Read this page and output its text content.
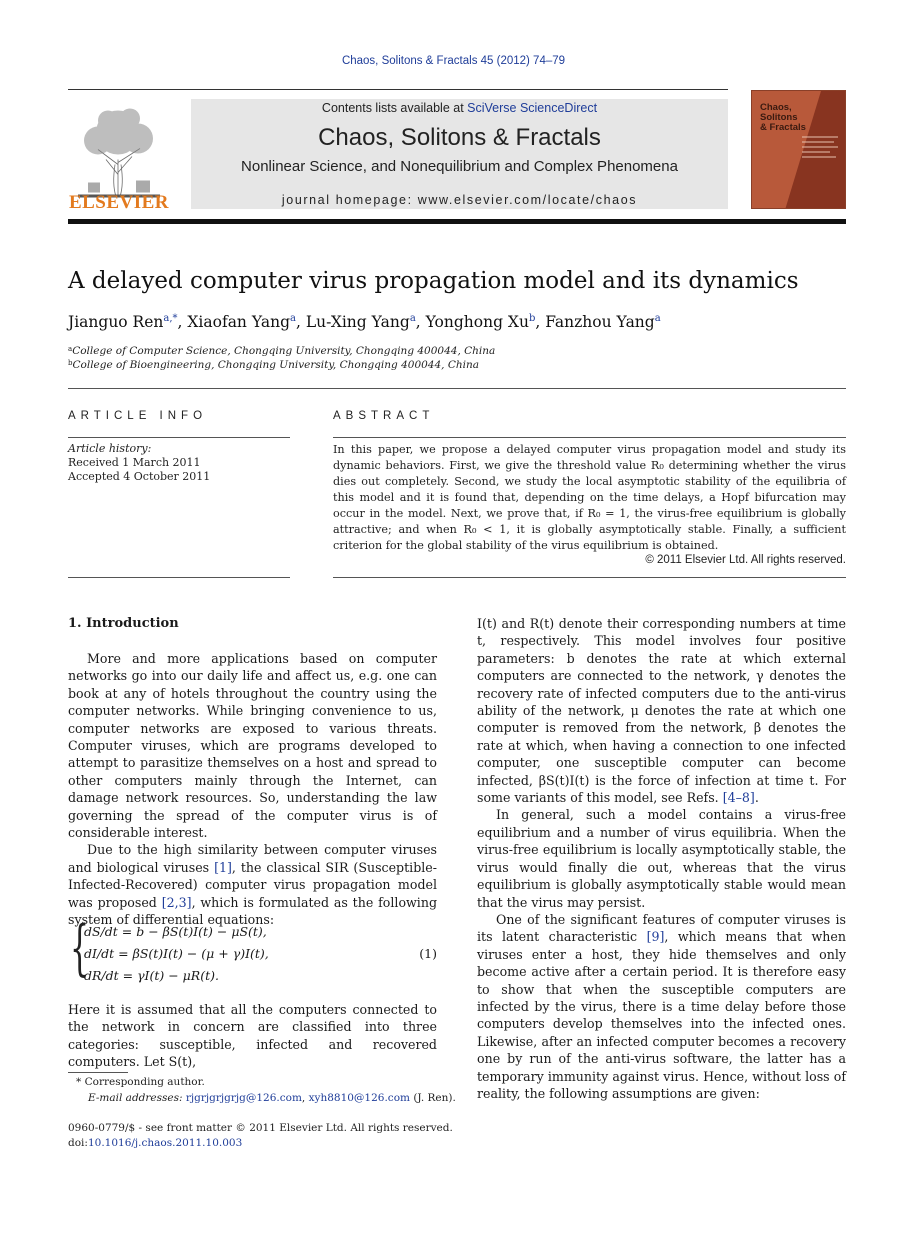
Chaos, Solitons & Fractals 45 (2012) 74–79
ELSEVIER
Contents lists available at SciVerse ScienceDirect
Chaos, Solitons & Fractals
Nonlinear Science, and Nonequilibrium and Complex Phenomena
journal homepage: www.elsevier.com/locate/chaos
Chaos,
Solitons
& Fractals
A delayed computer virus propagation model and its dynamics
Jianguo Ren$^{a,*}$, Xiaofan Yang$^a$, Lu-Xing Yang$^a$, Yonghong Xu$^b$, Fanzhou Yang$^a$
$^a$College of Computer Science, Chongqing University, Chongqing 400044, China
$^b$College of Bioengineering, Chongqing University, Chongqing 400044, China
ARTICLE INFO
Article history:
Received 1 March 2011
Accepted 4 October 2011
ABSTRACT
In this paper, we propose a delayed computer virus propagation model and study its dynamic behaviors. First, we give the threshold value R₀ determining whether the virus dies out completely. Second, we study the local asymptotic stability of the equilibria of this model and it is found that, depending on the time delays, a Hopf bifurcation may occur in the model. Next, we prove that, if R₀ = 1, the virus-free equilibrium is globally attractive; and when R₀ < 1, it is globally asymptotically stable. Finally, a sufficient criterion for the global stability of the virus equilibrium is obtained.
© 2011 Elsevier Ltd. All rights reserved.
1. Introduction

More and more applications based on computer networks go into our daily life and affect us, e.g. one can book at any of hotels throughout the country using the computer networks. While bringing convenience to us, computer networks are exposed to various threats. Computer viruses, which are programs developed to attempt to parasitize themselves on a host and spread to other computers mainly through the Internet, can damage network resources. So, understanding the law governing the spread of the computer virus is of considerable interest.

Due to the high similarity between computer viruses and biological viruses [1], the classical SIR (Susceptible-Infected-Recovered) computer virus propagation model was proposed [2,3], which is formulated as the following system of differential equations:

{
dS/dt = b − βS(t)I(t) − μS(t),
dI/dt = βS(t)I(t) − (μ + γ)I(t),
dR/dt = γI(t) − μR(t).
(1)

Here it is assumed that all the computers connected to the network in concern are classified into three categories: susceptible, infected and recovered computers. Let S(t),

I(t) and R(t) denote their corresponding numbers at time t, respectively. This model involves four positive parameters: b denotes the rate at which external computers are connected to the network, γ denotes the recovery rate of infected computers due to the anti-virus ability of the network, μ denotes the rate at which one computer is removed from the network, β denotes the rate at which, when having a connection to one infected computer, one susceptible computer can become infected, βS(t)I(t) is the force of infection at time t. For some variants of this model, see Refs. [4–8].

In general, such a model contains a virus-free equilibrium and a number of virus equilibria. When the virus-free equilibrium is locally asymptotically stable, the virus would finally die out, whereas that the virus equilibrium is globally asymptotically stable would mean that the virus may persist.

One of the significant features of computer viruses is its latent characteristic [9], which means that when viruses enter a host, they hide themselves and only become active after a certain period. It is therefore easy to show that when the susceptible computers are infected by the virus, there is a time delay before those computers develop themselves into the infected ones. Likewise, after an infected computer becomes a recovery one by run of the anti-virus software, the latter has a temporary immunity against virus. Hence, without loss of reality, the following assumptions are given:

* Corresponding author.
E-mail addresses: rjgrjgrjgrjg@126.com, xyh8810@126.com (J. Ren).
0960-0779/$ - see front matter © 2011 Elsevier Ltd. All rights reserved.
doi:10.1016/j.chaos.2011.10.003
